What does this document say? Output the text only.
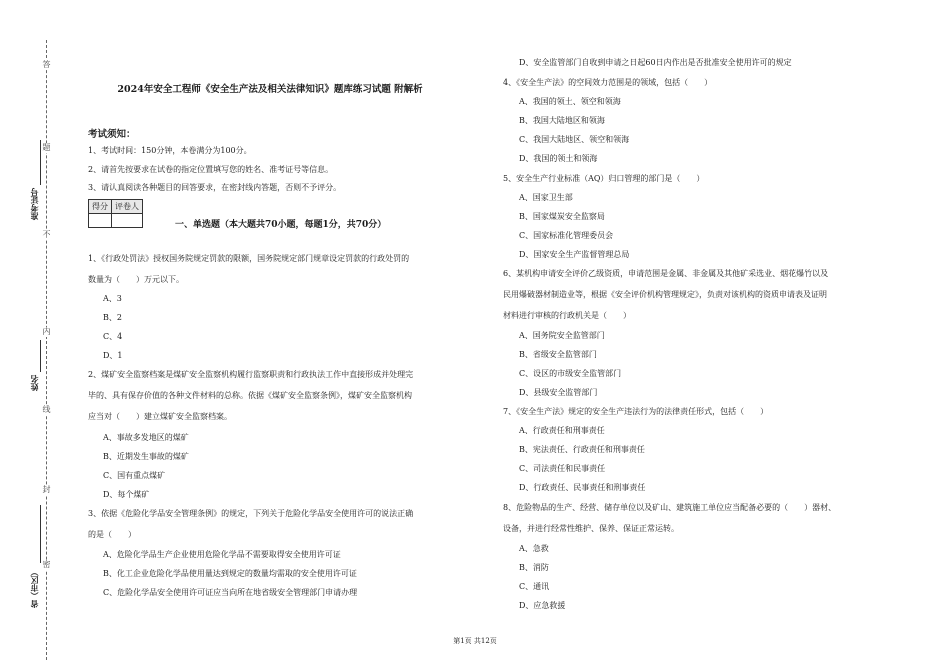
答
题
不
内
线
封
密
准考证号
姓名
省（市区）
2024年安全工程师《安全生产法及相关法律知识》题库练习试题 附解析
考试须知：
1、考试时间：150分钟，本卷满分为100分。
2、请首先按要求在试卷的指定位置填写您的姓名、准考证号等信息。
3、请认真阅读各种题目的回答要求，在密封线内答题，否则不予评分。
得分	评卷人

一、单选题（本大题共70小题，每题1分，共70分）
1、《行政处罚法》授权国务院规定罚款的限额，国务院规定部门规章设定罚款的行政处罚的
数量为（　　）万元以下。
A、3
B、2
C、4
D、1
2、煤矿安全监察档案是煤矿安全监察机构履行监察职责和行政执法工作中直接形成并处理完
毕的、具有保存价值的各种文件材料的总称。依据《煤矿安全监察条例》，煤矿安全监察机构
应当对（　　）建立煤矿安全监察档案。
A、事故多发地区的煤矿
B、近期发生事故的煤矿
C、国有重点煤矿
D、每个煤矿
3、依据《危险化学品安全管理条例》的规定，下列关于危险化学品安全使用许可的说法正确
的是（　　）
A、危险化学品生产企业使用危险化学品不需要取得安全使用许可证
B、化工企业危险化学品使用量达到规定的数量均需取的安全使用许可证
C、危险化学品安全使用许可证应当向所在地省级安全管理部门申请办理
D、安全监管部门自收到申请之日起60日内作出是否批准安全使用许可的规定
4、《安全生产法》的空间效力范围是的领域，包括（　　）
A、我国的领土、领空和领海
B、我国大陆地区和领海
C、我国大陆地区、领空和领海
D、我国的领土和领海
5、安全生产行业标准（AQ）归口管理的部门是（　　）
A、国家卫生部
B、国家煤炭安全监察局
C、国家标准化管理委员会
D、国家安全生产监督管理总局
6、某机构申请安全评价乙级资质，申请范围是金属、非金属及其他矿采选业、烟花爆竹以及
民用爆破器材制造业等，根据《安全评价机构管理规定》，负责对该机构的资质申请表及证明
材料进行审核的行政机关是（　　）
A、国务院安全监管部门
B、省级安全监管部门
C、设区的市级安全监管部门
D、县级安全监管部门
7、《安全生产法》规定的安全生产违法行为的法律责任形式，包括（　　）
A、行政责任和刑事责任
B、宪法责任、行政责任和刑事责任
C、司法责任和民事责任
D、行政责任、民事责任和刑事责任
8、危险物品的生产、经营、储存单位以及矿山、建筑施工单位应当配备必要的（　　）器材、
设备，并进行经常性维护、保养、保证正常运转。
A、急救
B、消防
C、通讯
D、应急救援
第1页 共12页
